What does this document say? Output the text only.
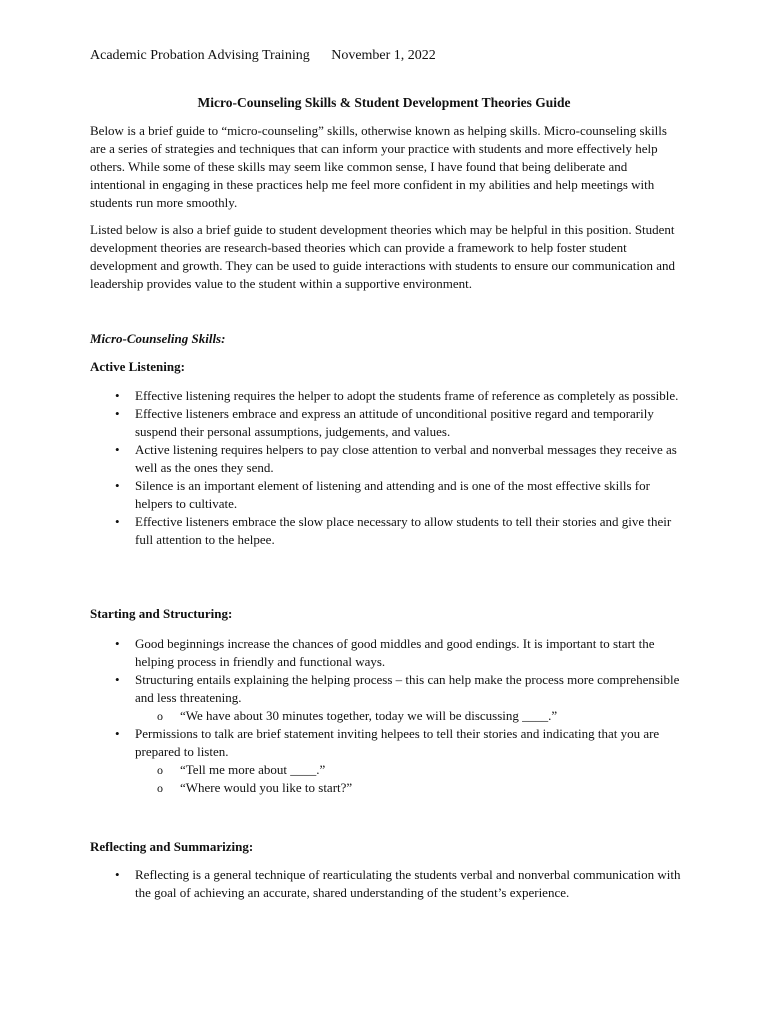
Academic Probation Advising Training November 1, 2022
Micro-Counseling Skills & Student Development Theories Guide

Below is a brief guide to “micro-counseling” skills, otherwise known as helping skills. Micro-counseling skills are a series of strategies and techniques that can inform your practice with students and more effectively help others. While some of these skills may seem like common sense, I have found that being deliberate and intentional in engaging in these practices help me feel more confident in my abilities and help meetings with students run more smoothly.

Listed below is also a brief guide to student development theories which may be helpful in this position. Student development theories are research-based theories which can provide a framework to help foster student development and growth. They can be used to guide interactions with students to ensure our communication and leadership provides value to the student within a supportive environment.

Micro-Counseling Skills:

Active Listening:

• Effective listening requires the helper to adopt the students frame of reference as completely as possible.
• Effective listeners embrace and express an attitude of unconditional positive regard and temporarily suspend their personal assumptions, judgements, and values.
• Active listening requires helpers to pay close attention to verbal and nonverbal messages they receive as well as the ones they send.
• Silence is an important element of listening and attending and is one of the most effective skills for helpers to cultivate.
• Effective listeners embrace the slow place necessary to allow students to tell their stories and give their full attention to the helpee.

Starting and Structuring:

• Good beginnings increase the chances of good middles and good endings. It is important to start the helping process in friendly and functional ways.
• Structuring entails explaining the helping process – this can help make the process more comprehensible and less threatening.
o “We have about 30 minutes together, today we will be discussing ____.”
• Permissions to talk are brief statement inviting helpees to tell their stories and indicating that you are prepared to listen.
o “Tell me more about ____.”
o “Where would you like to start?”

Reflecting and Summarizing:

• Reflecting is a general technique of rearticulating the students verbal and nonverbal communication with the goal of achieving an accurate, shared understanding of the student’s experience.
